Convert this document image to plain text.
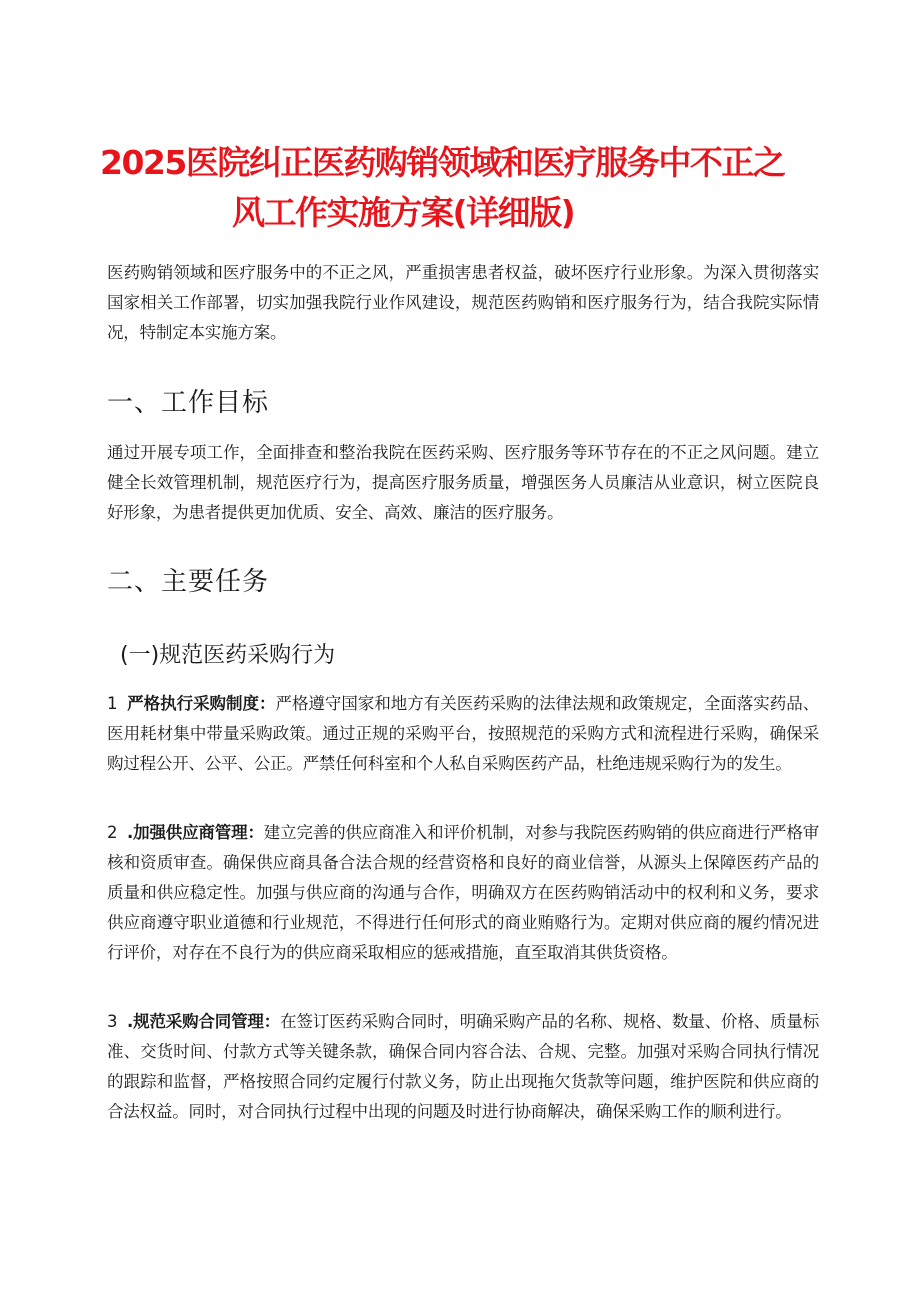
2025医院纠正医药购销领域和医疗服务中不正之
风工作实施方案(详细版)

医药购销领域和医疗服务中的不正之风，严重损害患者权益，破坏医疗行业形象。为深入贯彻落实国家相关工作部署，切实加强我院行业作风建设，规范医药购销和医疗服务行为，结合我院实际情况，特制定本实施方案。

一、工作目标

通过开展专项工作，全面排查和整治我院在医药采购、医疗服务等环节存在的不正之风问题。建立健全长效管理机制，规范医疗行为，提高医疗服务质量，增强医务人员廉洁从业意识，树立医院良好形象，为患者提供更加优质、安全、高效、廉洁的医疗服务。

二、主要任务
(一)规范医药采购行为

1 严格执行采购制度：严格遵守国家和地方有关医药采购的法律法规和政策规定，全面落实药品、医用耗材集中带量采购政策。通过正规的采购平台，按照规范的采购方式和流程进行采购，确保采购过程公开、公平、公正。严禁任何科室和个人私自采购医药产品，杜绝违规采购行为的发生。

2 .加强供应商管理：建立完善的供应商准入和评价机制，对参与我院医药购销的供应商进行严格审核和资质审查。确保供应商具备合法合规的经营资格和良好的商业信誉，从源头上保障医药产品的质量和供应稳定性。加强与供应商的沟通与合作，明确双方在医药购销活动中的权利和义务，要求供应商遵守职业道德和行业规范，不得进行任何形式的商业贿赂行为。定期对供应商的履约情况进行评价，对存在不良行为的供应商采取相应的惩戒措施，直至取消其供货资格。

3 .规范采购合同管理：在签订医药采购合同时，明确采购产品的名称、规格、数量、价格、质量标准、交货时间、付款方式等关键条款，确保合同内容合法、合规、完整。加强对采购合同执行情况的跟踪和监督，严格按照合同约定履行付款义务，防止出现拖欠货款等问题，维护医院和供应商的合法权益。同时，对合同执行过程中出现的问题及时进行协商解决，确保采购工作的顺利进行。
